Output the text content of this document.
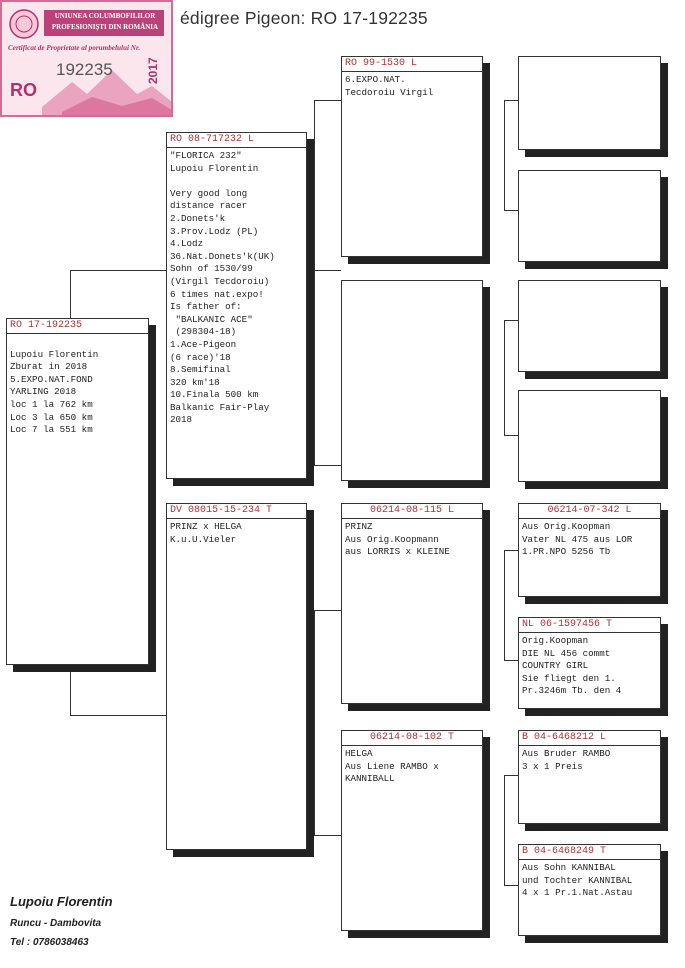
édigree Pigeon: RO 17-192235
UNIUNEA COLUMBOFILILOR
PROFESIONIȘTI DIN ROMÂNIA
Certificat de Proprietate al porumbelului Nr.
192235
RO
2017
RO 17-192235

Lupoiu Florentin
Zburat in 2018
5.EXPO.NAT.FOND
YARLING 2018
loc 1 la 762 km
Loc 3 la 650 km
Loc 7 la 551 km
RO 08-717232 L
"FLORICA 232"
Lupoiu Florentin

Very good long
distance racer
2.Donets'k
3.Prov.Lodz (PL)
4.Lodz
36.Nat.Donets'k(UK)
Sohn of 1530/99
(Virgil Tecdoroiu)
6 times nat.expo!
Is father of:
"BALKANIC ACE"
(298304-18)
1.Ace-Pigeon
(6 race)'18
8.Semifinal
320 km'18
10.Finala 500 km
Balkanic Fair-Play
2018
DV 08015-15-234 T
PRINZ x HELGA
K.u.U.Vieler
RO 99-1530 L
6.EXPO.NAT.
Tecdoroiu Virgil
06214-08-115 L
PRINZ
Aus Orig.Koopmann
aus LORRIS x KLEINE
06214-08-102 T
HELGA
Aus Liene RAMBO x
KANNIBALL
06214-07-342 L
Aus Orig.Koopman
Vater NL 475 aus LOR
1.PR.NPO 5256 Tb
NL 06-1597456 T
Orig.Koopman
DIE NL 456 commt
COUNTRY GIRL
Sie fliegt den 1.
Pr.3246m Tb. den 4
B 04-6468212 L
Aus Bruder RAMBO
3 x 1 Preis
B 04-6468249 T
Aus Sohn KANNIBAL
und Tochter KANNIBAL
4 x 1 Pr.1.Nat.Astau
Lupoiu Florentin
Runcu - Dambovita
Tel : 0786038463
